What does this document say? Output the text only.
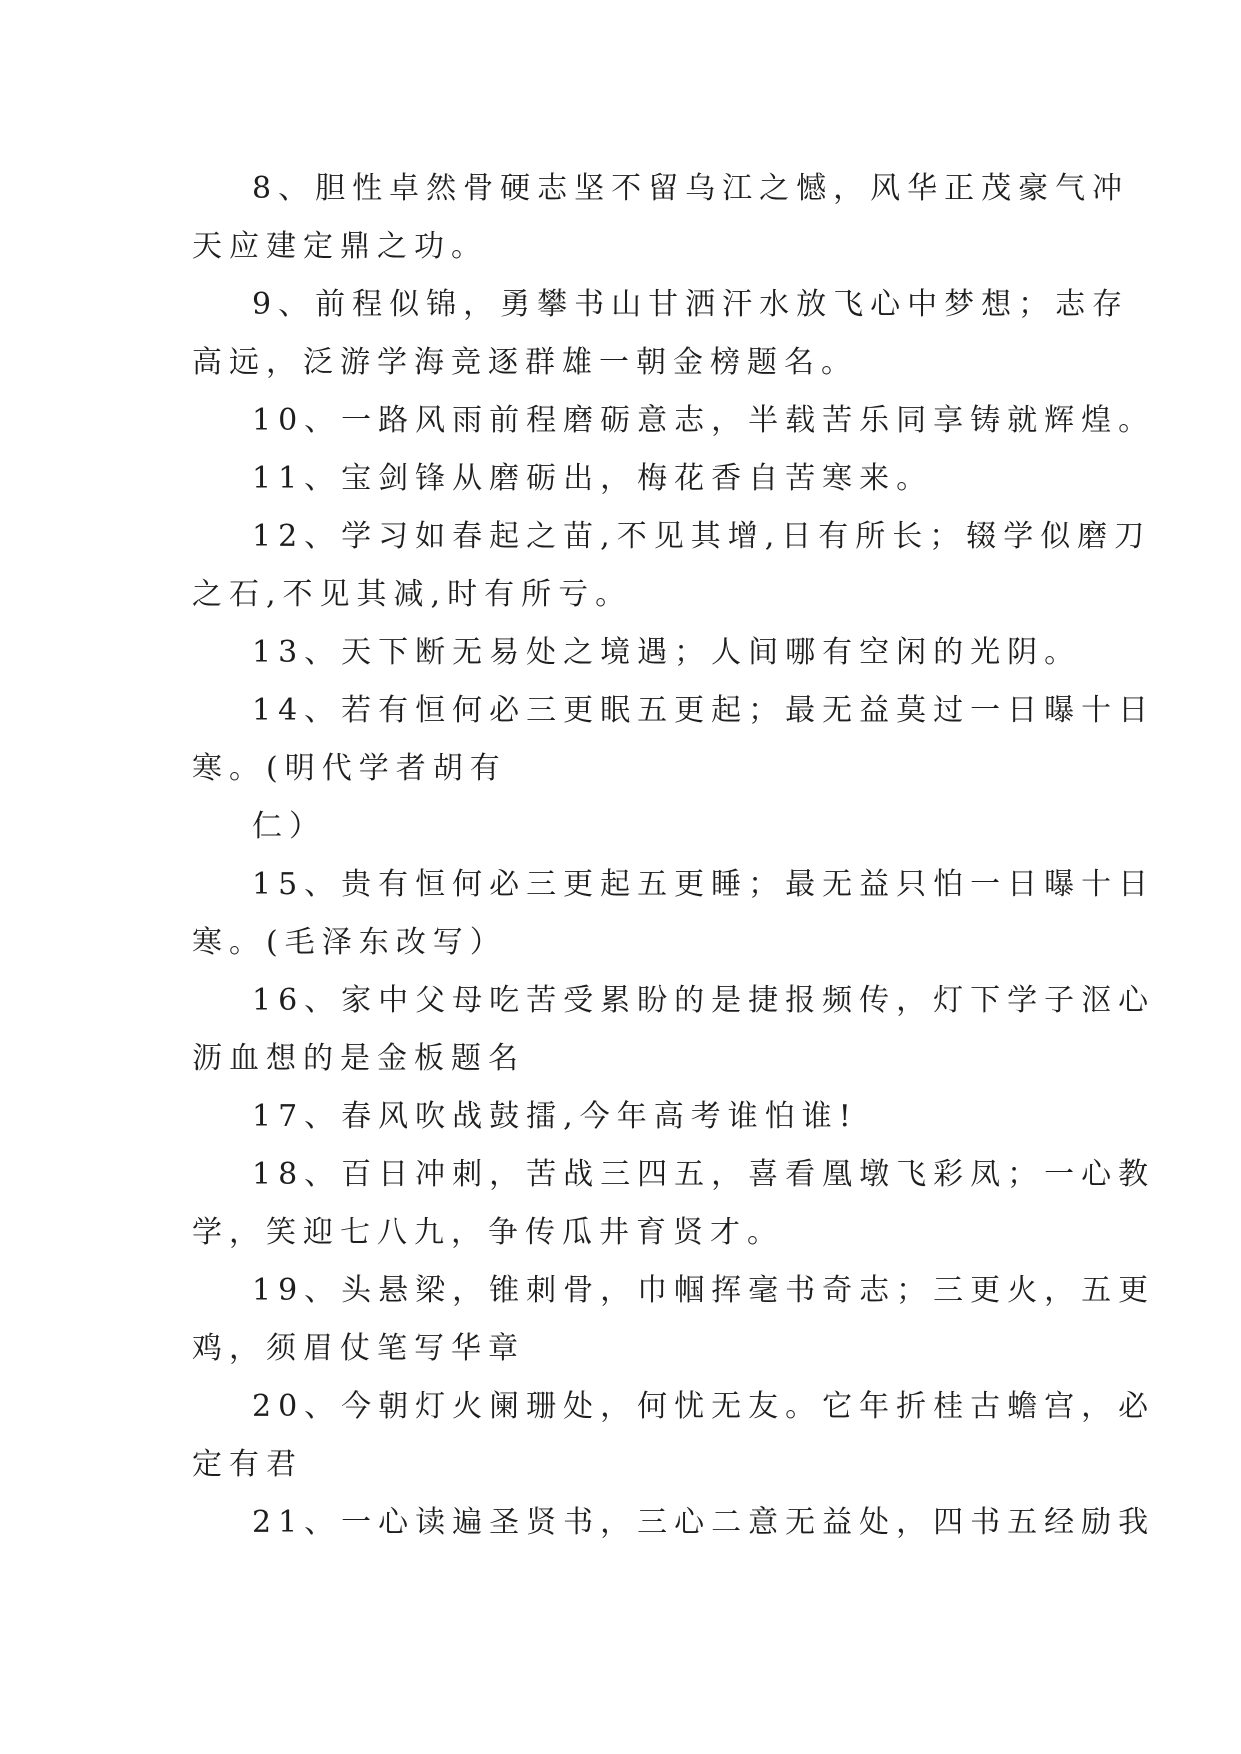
8、胆性卓然骨硬志坚不留乌江之憾，风华正茂豪气冲
天应建定鼎之功。
9、前程似锦，勇攀书山甘洒汗水放飞心中梦想；志存
高远，泛游学海竞逐群雄一朝金榜题名。
10、一路风雨前程磨砺意志，半载苦乐同享铸就辉煌。
11、宝剑锋从磨砺出，梅花香自苦寒来。
12、学习如春起之苗,不见其增,日有所长；辍学似磨刀
之石,不见其减,时有所亏。
13、天下断无易处之境遇；人间哪有空闲的光阴。
14、若有恒何必三更眠五更起；最无益莫过一日曝十日
寒。(明代学者胡有
仁）
15、贵有恒何必三更起五更睡；最无益只怕一日曝十日
寒。(毛泽东改写）
16、家中父母吃苦受累盼的是捷报频传，灯下学子沤心
沥血想的是金板题名
17、春风吹战鼓擂,今年高考谁怕谁!
18、百日冲刺，苦战三四五，喜看凰墩飞彩凤；一心教
学，笑迎七八九，争传瓜井育贤才。
19、头悬梁，锥刺骨，巾帼挥毫书奇志；三更火，五更
鸡，须眉仗笔写华章
20、今朝灯火阑珊处，何忧无友。它年折桂古蟾宫，必
定有君
21、一心读遍圣贤书，三心二意无益处，四书五经励我
